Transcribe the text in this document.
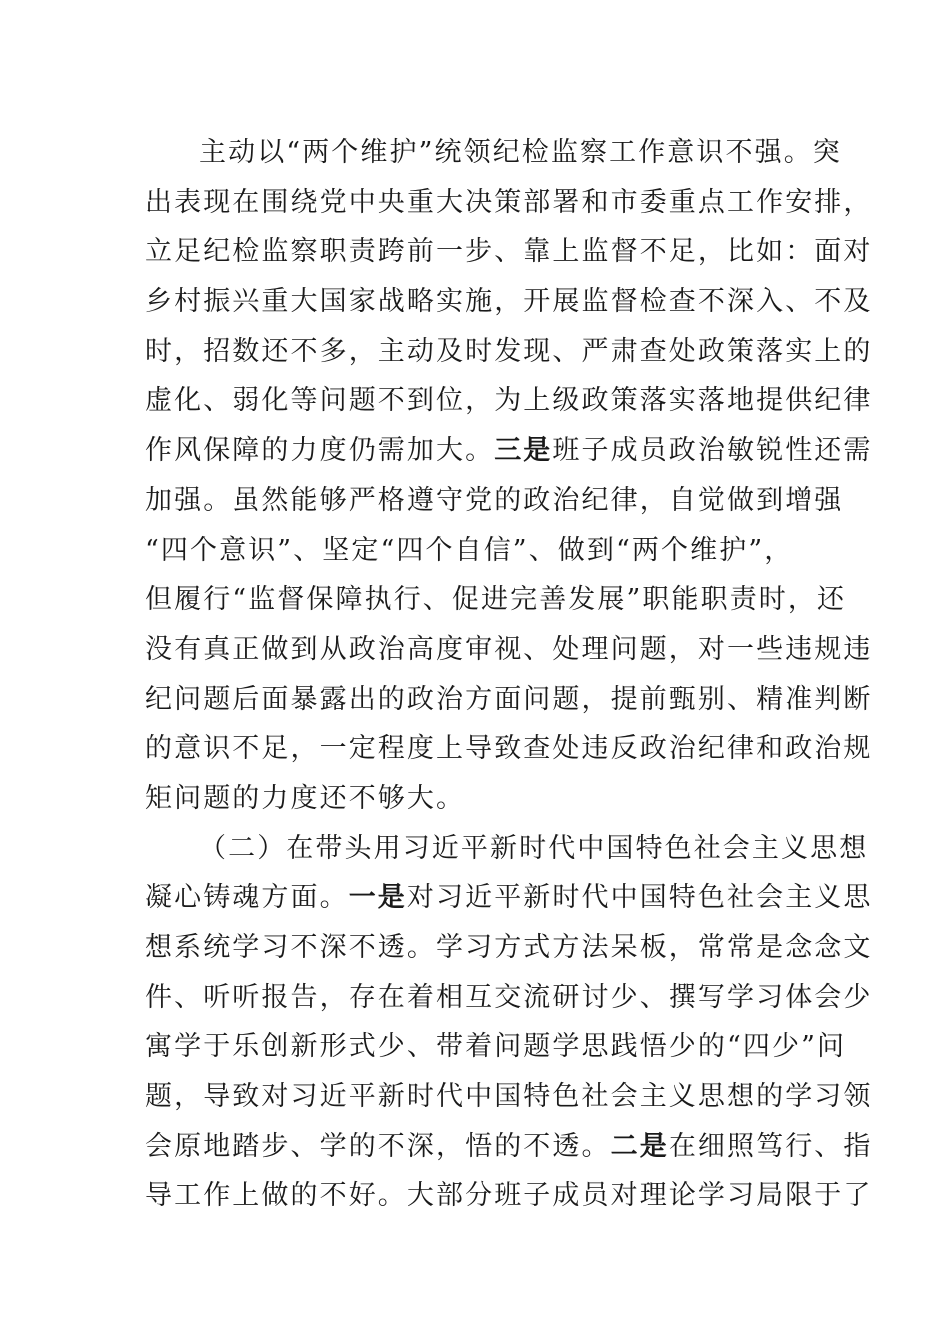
主动以“两个维护”统领纪检监察工作意识不强。突
出表现在围绕党中央重大决策部署和市委重点工作安排，
立足纪检监察职责跨前一步、靠上监督不足，比如：面对
乡村振兴重大国家战略实施，开展监督检查不深入、不及
时，招数还不多，主动及时发现、严肃查处政策落实上的
虚化、弱化等问题不到位，为上级政策落实落地提供纪律
作风保障的力度仍需加大。三是班子成员政治敏锐性还需
加强。虽然能够严格遵守党的政治纪律，自觉做到增强
“四个意识”、坚定“四个自信”、做到“两个维护”，
但履行“监督保障执行、促进完善发展”职能职责时，还
没有真正做到从政治高度审视、处理问题，对一些违规违
纪问题后面暴露出的政治方面问题，提前甄别、精准判断
的意识不足，一定程度上导致查处违反政治纪律和政治规
矩问题的力度还不够大。
（二）在带头用习近平新时代中国特色社会主义思想
凝心铸魂方面。一是对习近平新时代中国特色社会主义思
想系统学习不深不透。学习方式方法呆板，常常是念念文
件、听听报告，存在着相互交流研讨少、撰写学习体会少
寓学于乐创新形式少、带着问题学思践悟少的“四少”问
题，导致对习近平新时代中国特色社会主义思想的学习领
会原地踏步、学的不深，悟的不透。二是在细照笃行、指
导工作上做的不好。大部分班子成员对理论学习局限于了
